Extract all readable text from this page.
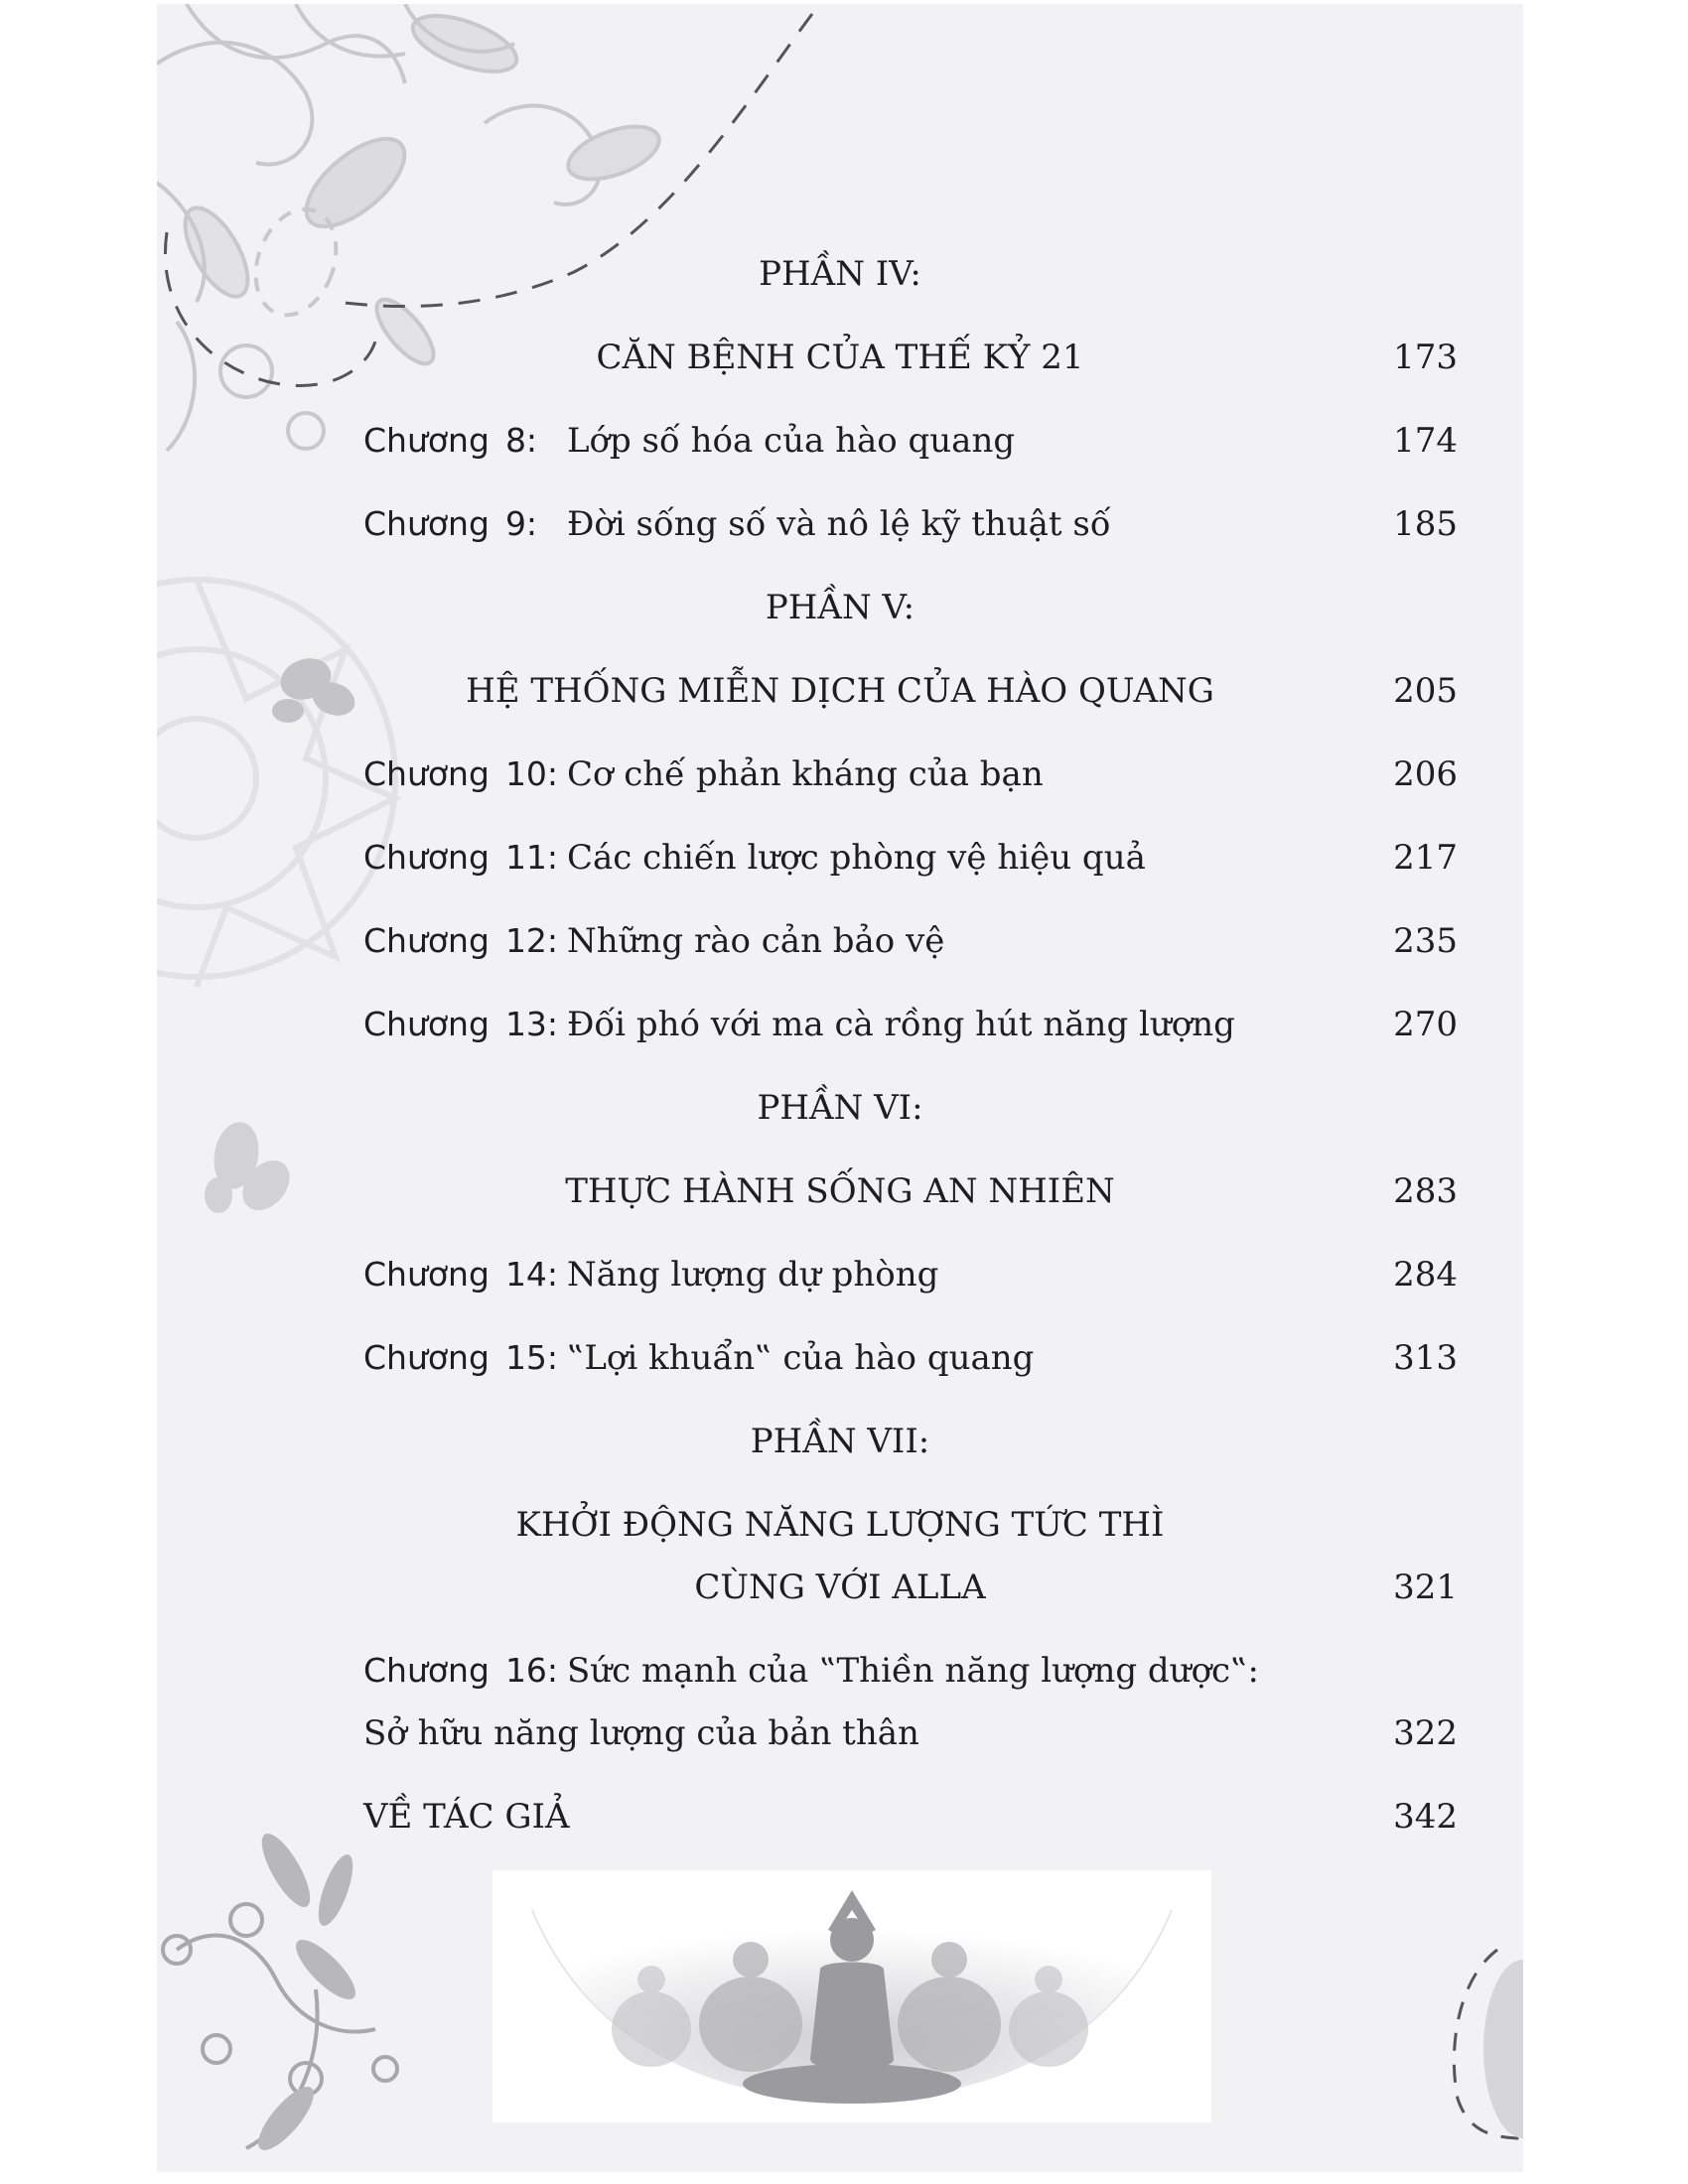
PHẦN IV:
CĂN BỆNH CỦA THẾ KỶ 21	173
Chương 8: Lớp số hóa của hào quang	174
Chương 9: Đời sống số và nô lệ kỹ thuật số	185
PHẦN V:
HỆ THỐNG MIỄN DỊCH CỦA HÀO QUANG	205
Chương 10: Cơ chế phản kháng của bạn	206
Chương 11: Các chiến lược phòng vệ hiệu quả	217
Chương 12: Những rào cản bảo vệ	235
Chương 13: Đối phó với ma cà rồng hút năng lượng	270
PHẦN VI:
THỰC HÀNH SỐNG AN NHIÊN	283
Chương 14: Năng lượng dự phòng	284
Chương 15: ‟Lợi khuẩn‟ của hào quang	313
PHẦN VII:
KHỞI ĐỘNG NĂNG LƯỢNG TỨC THÌ
CÙNG VỚI ALLA	321
Chương 16: Sức mạnh của ‟Thiền năng lượng dược‟:
Sở hữu năng lượng của bản thân	322
VỀ TÁC GIẢ	342
